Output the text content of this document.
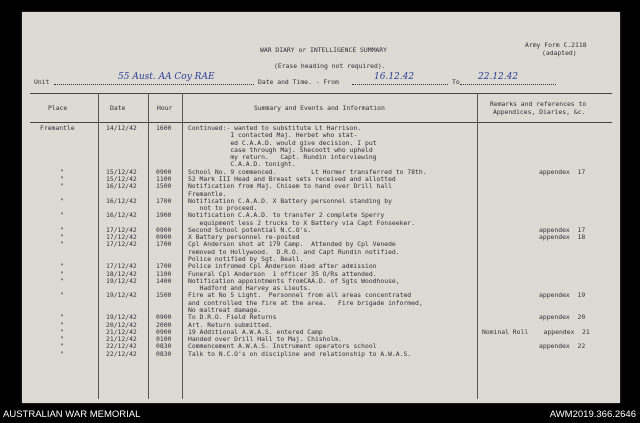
Army Form C.2118
(adapted)
WAR DIARY or INTELLIGENCE SUMMARY
(Erase heading not required).
Unit	55 Aust. AA Coy RAE	Date and Time. - From	16.12.42	To 22.12.42
Place	Date	Hour	Summary and Events and Information	Remarks and references to
Appendices, Diaries, &c.
Fremantle	14/12/42	1600	Continued:- wanted to substitute Lt Harrison.
I contacted Maj. Herbet who stat-
ed C.A.A.D. would give decision. I put
case through Maj. Shecoott who upheld
my return.   Capt. Rundin interviewing
C.A.A.D. tonight.
"	15/12/42	0900	School No. 9 commenced.         Lt Hormer transferred to 78th.	appendex  17
"	15/12/42	1100	52 Mark III Head and Breast sets received and allotted
"	16/12/42	1500	Notification from Maj. Chisem to hand over Drill hall
Fremantle.
"	16/12/42	1700	Notification C.A.A.D. X Battery personnel standing by
not to proceed.
"	16/12/42	1900	Notification C.A.A.D. to transfer 2 complete Sperry
equipment less 2 trucks to X Battery via Capt Fonseeker.
"	17/12/42	0900	Second School potential N.C.O's.	appendex  17
"	17/12/42	0900	X Battery personnel re-posted	appendex  18
"	17/12/42	1700	Cpl Anderson shot at 179 Camp.  Attended by Cpl Venede
removed to Hollywood.  D.R.O. and Capt Rundin notified.
Police notified by Sgt. Beall.
"	17/12/42	1700	Police infromed Cpl Anderson died after admission
"	18/12/42	1100	Funeral Cpl Anderson  1 officer 35 O/Rs attended.
"	19/12/42	1400	Notification appointments fromCAA.D. of Sgts Woodhouse,
Hadford and Harvey as Lieuts.
"	19/12/42	1500	Fire at No 5 Light.  Personnel from all areas concentrated	appendex  19
and controlled the fire at the area.   Fire brigade informed,
No maltreat damage.
"	19/12/42	0900	To D.R.O. Field Returns	appendex  20
"	20/12/42	2000	Art. Return submitted.
"	21/12/42	0900	19 Additional A.W.A.S. entered Camp	Nominal Roll    appendex  21
"	21/12/42	0100	Handed over Drill Hall to Maj. Chisholm.
"	22/12/42	0830	Commencement A.W.A.S. Instrument operators school	appendex  22
"	22/12/42	0830	Talk to N.C.O's on discipline and relationship to A.W.A.S.
AUSTRALIAN WAR MEMORIAL	AWM2019.366.2646
